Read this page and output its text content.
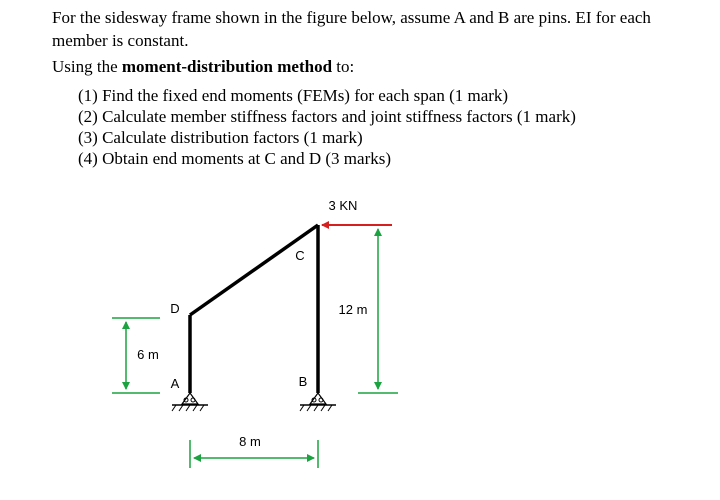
For the sidesway frame shown in the figure below, assume A and B are pins. EI for each member is constant.

Using the moment-distribution method to:

(1) Find the fixed end moments (FEMs) for each span (1 mark)
(2) Calculate member stiffness factors and joint stiffness factors (1 mark)
(3) Calculate distribution factors (1 mark)
(4) Obtain end moments at C and D (3 marks)
3 KN
A	B
C
D
6 m
12 m
8 m
